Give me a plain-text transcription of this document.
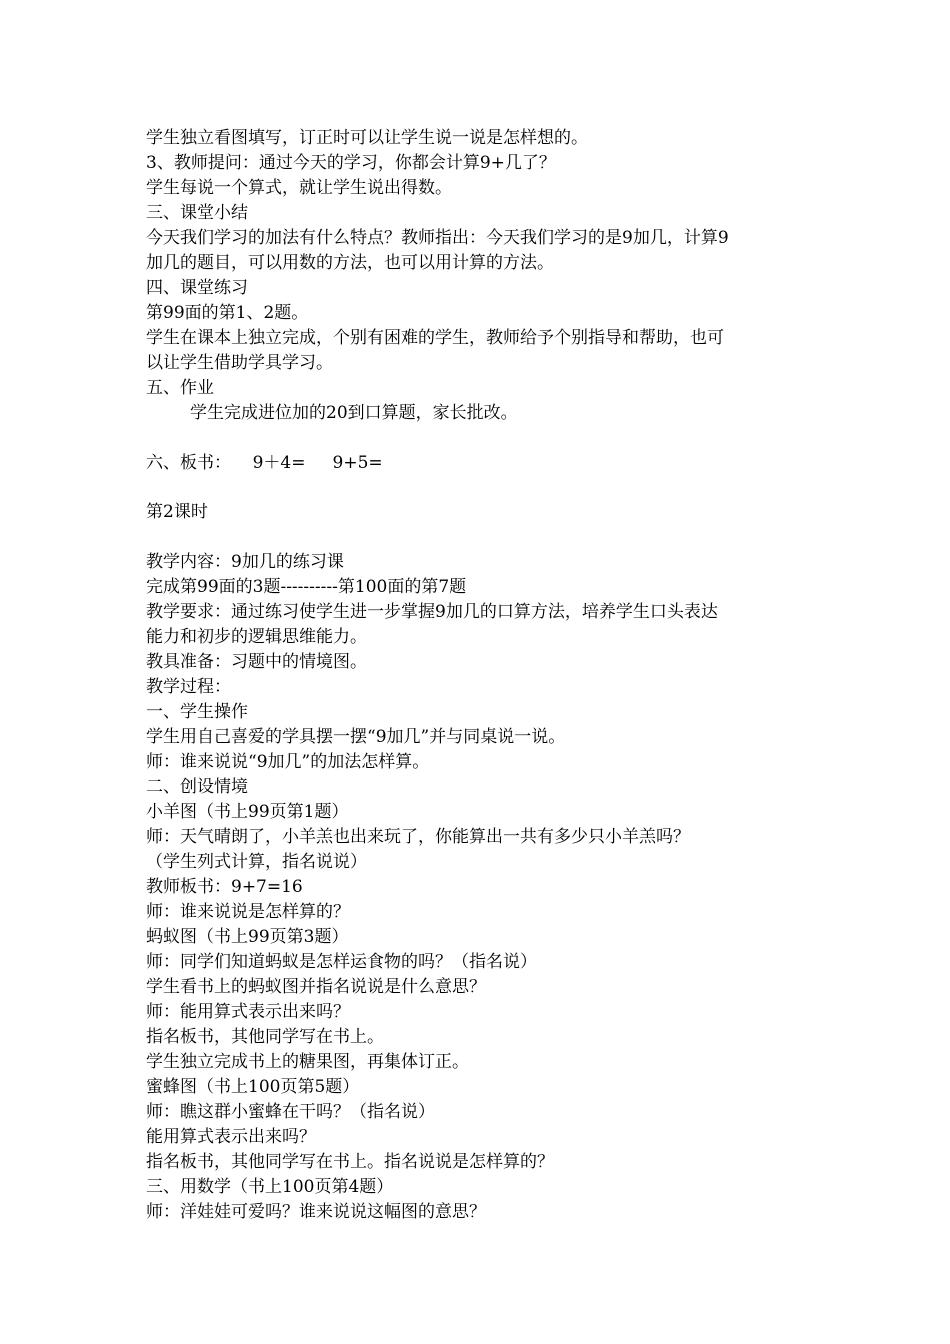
学生独立看图填写，订正时可以让学生说一说是怎样想的。
3、教师提问：通过今天的学习，你都会计算9+几了？
学生每说一个算式，就让学生说出得数。
三、课堂小结
今天我们学习的加法有什么特点？教师指出：今天我们学习的是9加几，计算9
加几的题目，可以用数的方法，也可以用计算的方法。
四、课堂练习
第99面的第1、2题。
学生在课本上独立完成，个别有困难的学生，教师给予个别指导和帮助，也可
以让学生借助学具学习。
五、作业
学生完成进位加的20到口算题，家长批改。
六、板书：    9＋4=     9+5=
第2课时
教学内容：9加几的练习课
完成第99面的3题----------第100面的第7题
教学要求：通过练习使学生进一步掌握9加几的口算方法，培养学生口头表达
能力和初步的逻辑思维能力。
教具准备：习题中的情境图。
教学过程：
一、学生操作
学生用自己喜爱的学具摆一摆“9加几”并与同桌说一说。
师：谁来说说“9加几”的加法怎样算。
二、创设情境
小羊图（书上99页第1题）
师：天气晴朗了，小羊羔也出来玩了，你能算出一共有多少只小羊羔吗？
（学生列式计算，指名说说）
教师板书：9+7=16
师：谁来说说是怎样算的？
蚂蚁图（书上99页第3题）
师：同学们知道蚂蚁是怎样运食物的吗？（指名说）
学生看书上的蚂蚁图并指名说说是什么意思？
师：能用算式表示出来吗？
指名板书，其他同学写在书上。
学生独立完成书上的糖果图，再集体订正。
蜜蜂图（书上100页第5题）
师：瞧这群小蜜蜂在干吗？（指名说）
能用算式表示出来吗？
指名板书，其他同学写在书上。指名说说是怎样算的？
三、用数学（书上100页第4题）
师：洋娃娃可爱吗？谁来说说这幅图的意思？
